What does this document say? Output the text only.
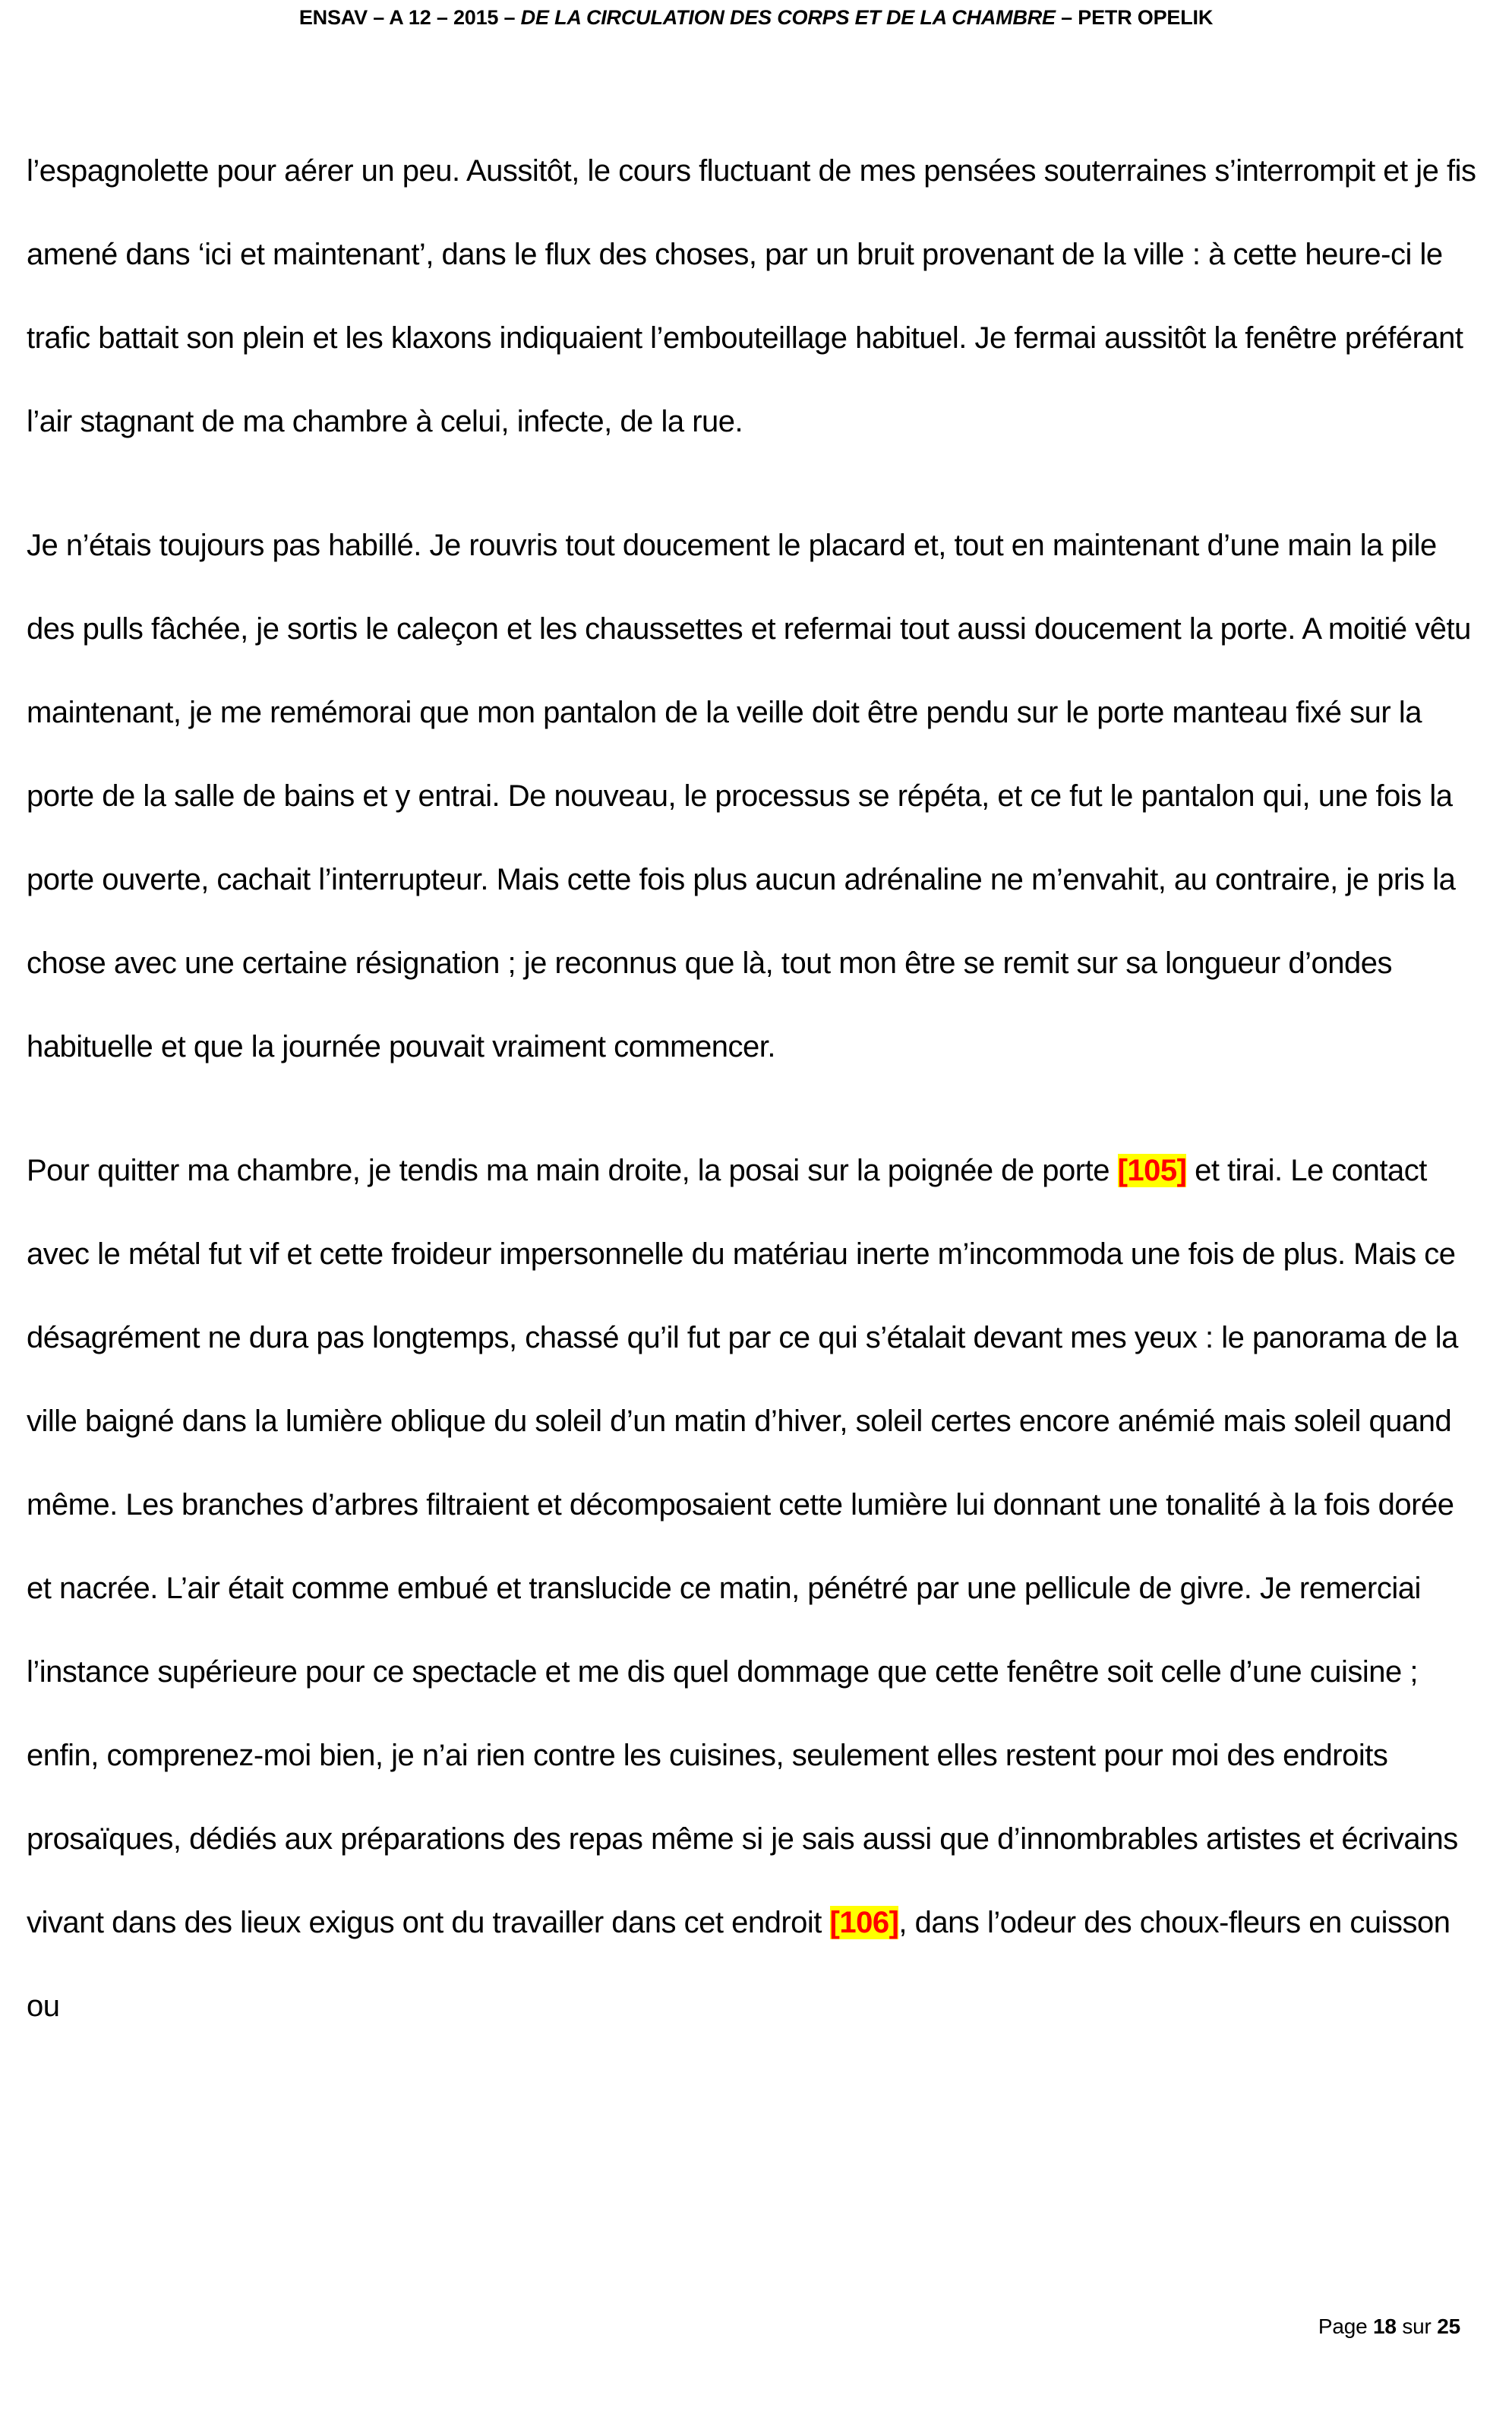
ENSAV – A 12 – 2015 – DE LA CIRCULATION DES CORPS ET DE LA CHAMBRE – PETR OPELIK

l’espagnolette pour aérer un peu. Aussitôt, le cours fluctuant de mes pensées souterraines s’interrompit et je fis amené dans ‘ici et maintenant’, dans le flux des choses, par un bruit provenant de la ville : à cette heure-ci le trafic battait son plein et les klaxons indiquaient l’embouteillage habituel. Je fermai aussitôt la fenêtre préférant l’air stagnant de ma chambre à celui, infecte, de la rue.

Je n’étais toujours pas habillé. Je rouvris tout doucement le placard et, tout en maintenant d’une main la pile des pulls fâchée, je sortis le caleçon et les chaussettes et refermai tout aussi doucement la porte. A moitié vêtu maintenant, je me remémorai que mon pantalon de la veille doit être pendu sur le porte manteau fixé sur la porte de la salle de bains et y entrai. De nouveau, le processus se répéta, et ce fut le pantalon qui, une fois la porte ouverte, cachait l’interrupteur. Mais cette fois plus aucun adrénaline ne m’envahit, au contraire, je pris la chose avec une certaine résignation ; je reconnus que là, tout mon être se remit sur sa longueur d’ondes habituelle et que la journée pouvait vraiment commencer.

Pour quitter ma chambre, je tendis ma main droite, la posai sur la poignée de porte [105] et tirai. Le contact avec le métal fut vif et cette froideur impersonnelle du matériau inerte m’incommoda une fois de plus. Mais ce désagrément ne dura pas longtemps, chassé qu’il fut par ce qui s’étalait devant mes yeux : le panorama de la ville baigné dans la lumière oblique du soleil d’un matin d’hiver, soleil certes encore anémié mais soleil quand même. Les branches d’arbres filtraient et décomposaient cette lumière lui donnant une tonalité à la fois dorée et nacrée. L’air était comme embué et translucide ce matin, pénétré par une pellicule de givre. Je remerciai l’instance supérieure pour ce spectacle et me dis quel dommage que cette fenêtre soit celle d’une cuisine ; enfin, comprenez-moi bien, je n’ai rien contre les cuisines, seulement elles restent pour moi des endroits prosaïques, dédiés aux préparations des repas même si je sais aussi que d’innombrables artistes et écrivains vivant dans des lieux exigus ont du travailler dans cet endroit [106], dans l’odeur des choux-fleurs en cuisson ou

Page 18 sur 25
